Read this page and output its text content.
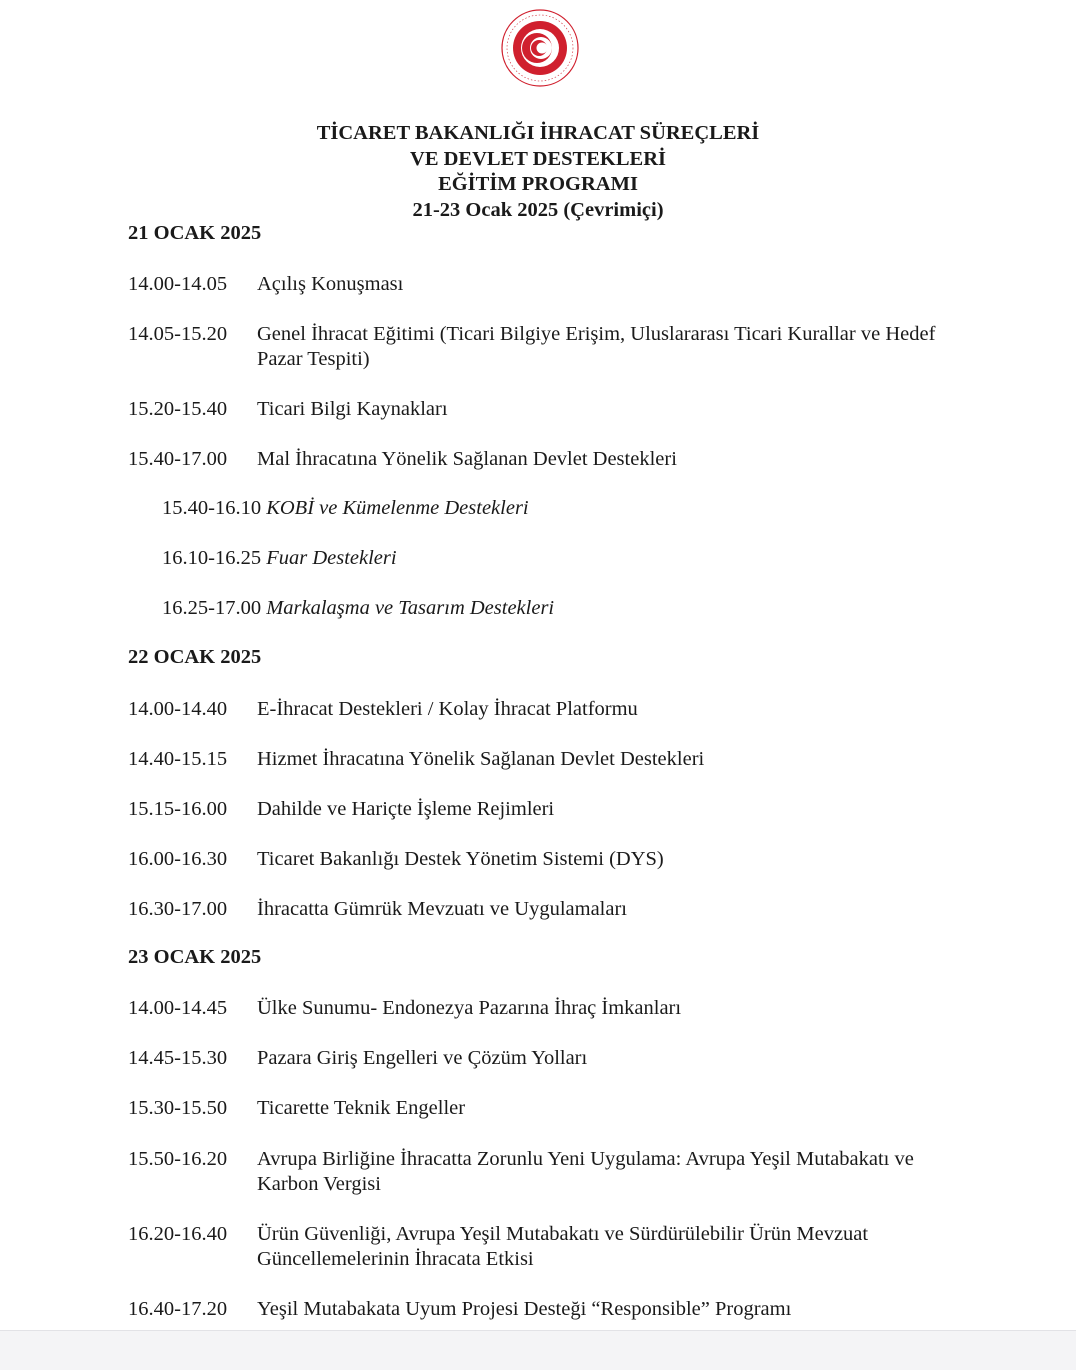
TİCARET BAKANLIĞI İHRACAT SÜREÇLERİ
VE DEVLET DESTEKLERİ
EĞİTİM PROGRAMI
21-23 Ocak 2025 (Çevrimiçi)
21 OCAK 2025
14.00-14.05 Açılış Konuşması
14.05-15.20 Genel İhracat Eğitimi (Ticari Bilgiye Erişim, Uluslararası Ticari Kurallar ve Hedef Pazar Tespiti)
15.20-15.40 Ticari Bilgi Kaynakları
15.40-17.00 Mal İhracatına Yönelik Sağlanan Devlet Destekleri
15.40-16.10 KOBİ ve Kümelenme Destekleri
16.10-16.25 Fuar Destekleri
16.25-17.00 Markalaşma ve Tasarım Destekleri
22 OCAK 2025
14.00-14.40 E-İhracat Destekleri / Kolay İhracat Platformu
14.40-15.15 Hizmet İhracatına Yönelik Sağlanan Devlet Destekleri
15.15-16.00 Dahilde ve Hariçte İşleme Rejimleri
16.00-16.30 Ticaret Bakanlığı Destek Yönetim Sistemi (DYS)
16.30-17.00 İhracatta Gümrük Mevzuatı ve Uygulamaları
23 OCAK 2025
14.00-14.45 Ülke Sunumu- Endonezya Pazarına İhraç İmkanları
14.45-15.30 Pazara Giriş Engelleri ve Çözüm Yolları
15.30-15.50 Ticarette Teknik Engeller
15.50-16.20 Avrupa Birliğine İhracatta Zorunlu Yeni Uygulama: Avrupa Yeşil Mutabakatı ve Karbon Vergisi
16.20-16.40 Ürün Güvenliği, Avrupa Yeşil Mutabakatı ve Sürdürülebilir Ürün Mevzuat Güncellemelerinin İhracata Etkisi
16.40-17.20 Yeşil Mutabakata Uyum Projesi Desteği “Responsible” Programı
